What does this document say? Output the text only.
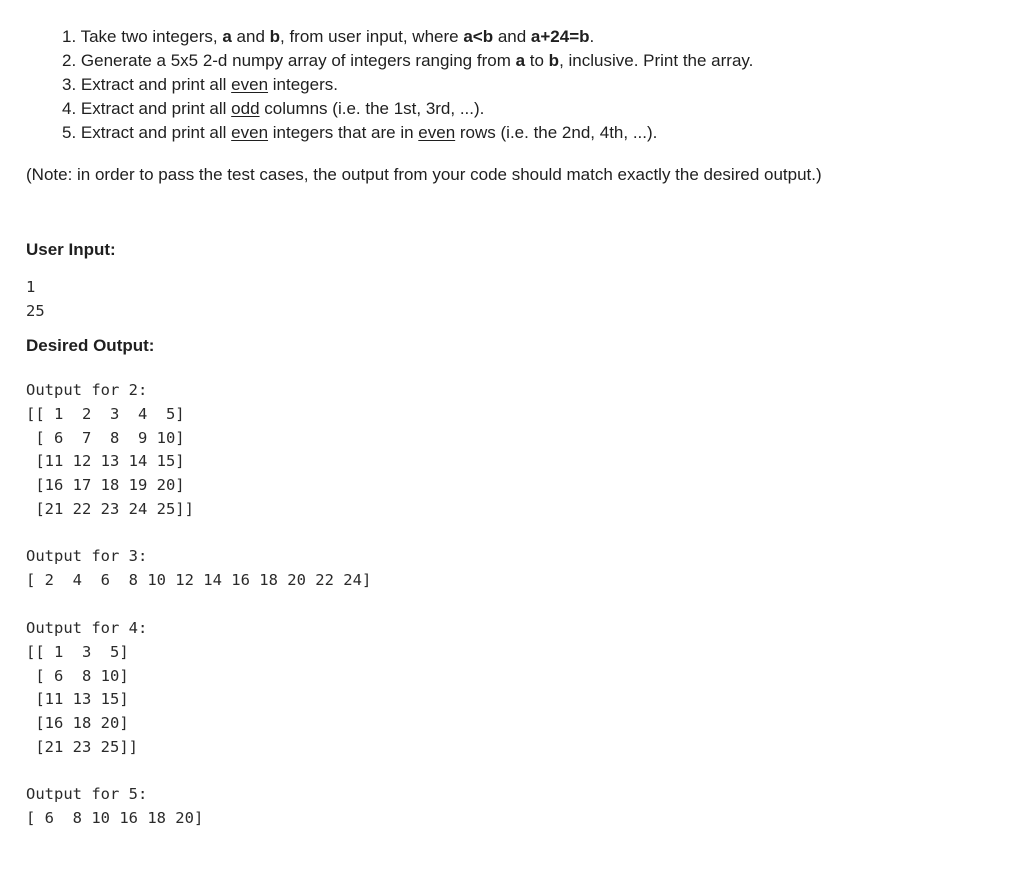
1. Take two integers, a and b, from user input, where a<b and a+24=b.
2. Generate a 5x5 2-d numpy array of integers ranging from a to b, inclusive. Print the array.
3. Extract and print all even integers.
4. Extract and print all odd columns (i.e. the 1st, 3rd, ...).
5. Extract and print all even integers that are in even rows (i.e. the 2nd, 4th, ...).

(Note: in order to pass the test cases, the output from your code should match exactly the desired output.)

User Input:

1
25

Desired Output:

Output for 2:
[[ 1  2  3  4  5]
[ 6  7  8  9 10]
[11 12 13 14 15]
[16 17 18 19 20]
[21 22 23 24 25]]
Output for 3:
[ 2  4  6  8 10 12 14 16 18 20 22 24]
Output for 4:
[[ 1  3  5]
[ 6  8 10]
[11 13 15]
[16 18 20]
[21 23 25]]
Output for 5:
[ 6  8 10 16 18 20]
